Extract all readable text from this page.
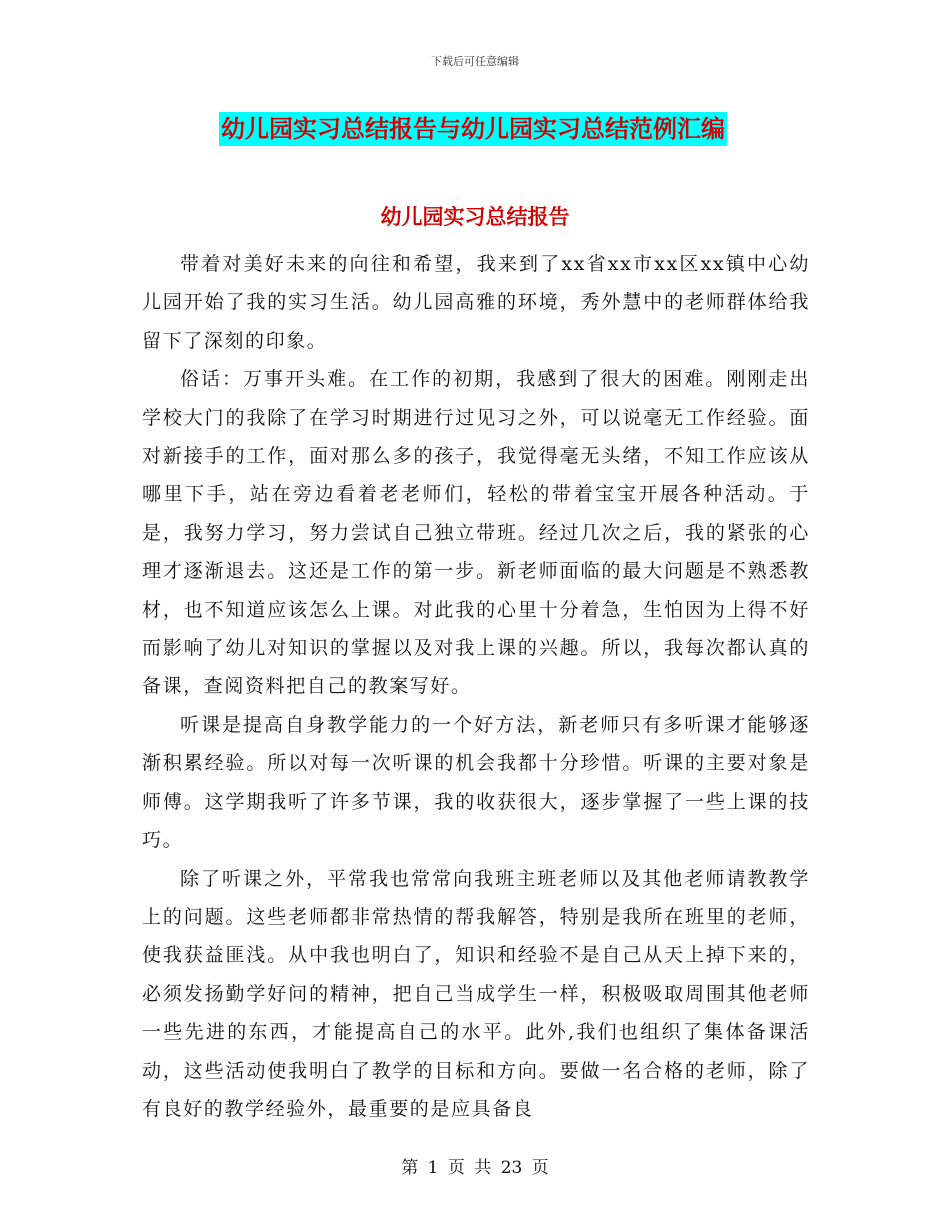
下载后可任意编辑
幼儿园实习总结报告与幼儿园实习总结范例汇编
幼儿园实习总结报告

带着对美好未来的向往和希望，我来到了xx省xx市xx区xx镇中心幼儿园开始了我的实习生活。幼儿园高雅的环境，秀外慧中的老师群体给我留下了深刻的印象。

俗话：万事开头难。在工作的初期，我感到了很大的困难。刚刚走出学校大门的我除了在学习时期进行过见习之外，可以说毫无工作经验。面对新接手的工作，面对那么多的孩子，我觉得毫无头绪，不知工作应该从哪里下手，站在旁边看着老老师们，轻松的带着宝宝开展各种活动。于是，我努力学习，努力尝试自己独立带班。经过几次之后，我的紧张的心理才逐渐退去。这还是工作的第一步。新老师面临的最大问题是不熟悉教材，也不知道应该怎么上课。对此我的心里十分着急，生怕因为上得不好而影响了幼儿对知识的掌握以及对我上课的兴趣。所以，我每次都认真的备课，查阅资料把自己的教案写好。

听课是提高自身教学能力的一个好方法，新老师只有多听课才能够逐渐积累经验。所以对每一次听课的机会我都十分珍惜。听课的主要对象是师傅。这学期我听了许多节课，我的收获很大，逐步掌握了一些上课的技巧。

除了听课之外，平常我也常常向我班主班老师以及其他老师请教教学上的问题。这些老师都非常热情的帮我解答，特别是我所在班里的老师，使我获益匪浅。从中我也明白了，知识和经验不是自己从天上掉下来的，必须发扬勤学好问的精神，把自己当成学生一样，积极吸取周围其他老师一些先进的东西，才能提高自己的水平。此外,我们也组织了集体备课活动，这些活动使我明白了教学的目标和方向。要做一名合格的老师，除了有良好的教学经验外，最重要的是应具备良

第 1 页 共 23 页
